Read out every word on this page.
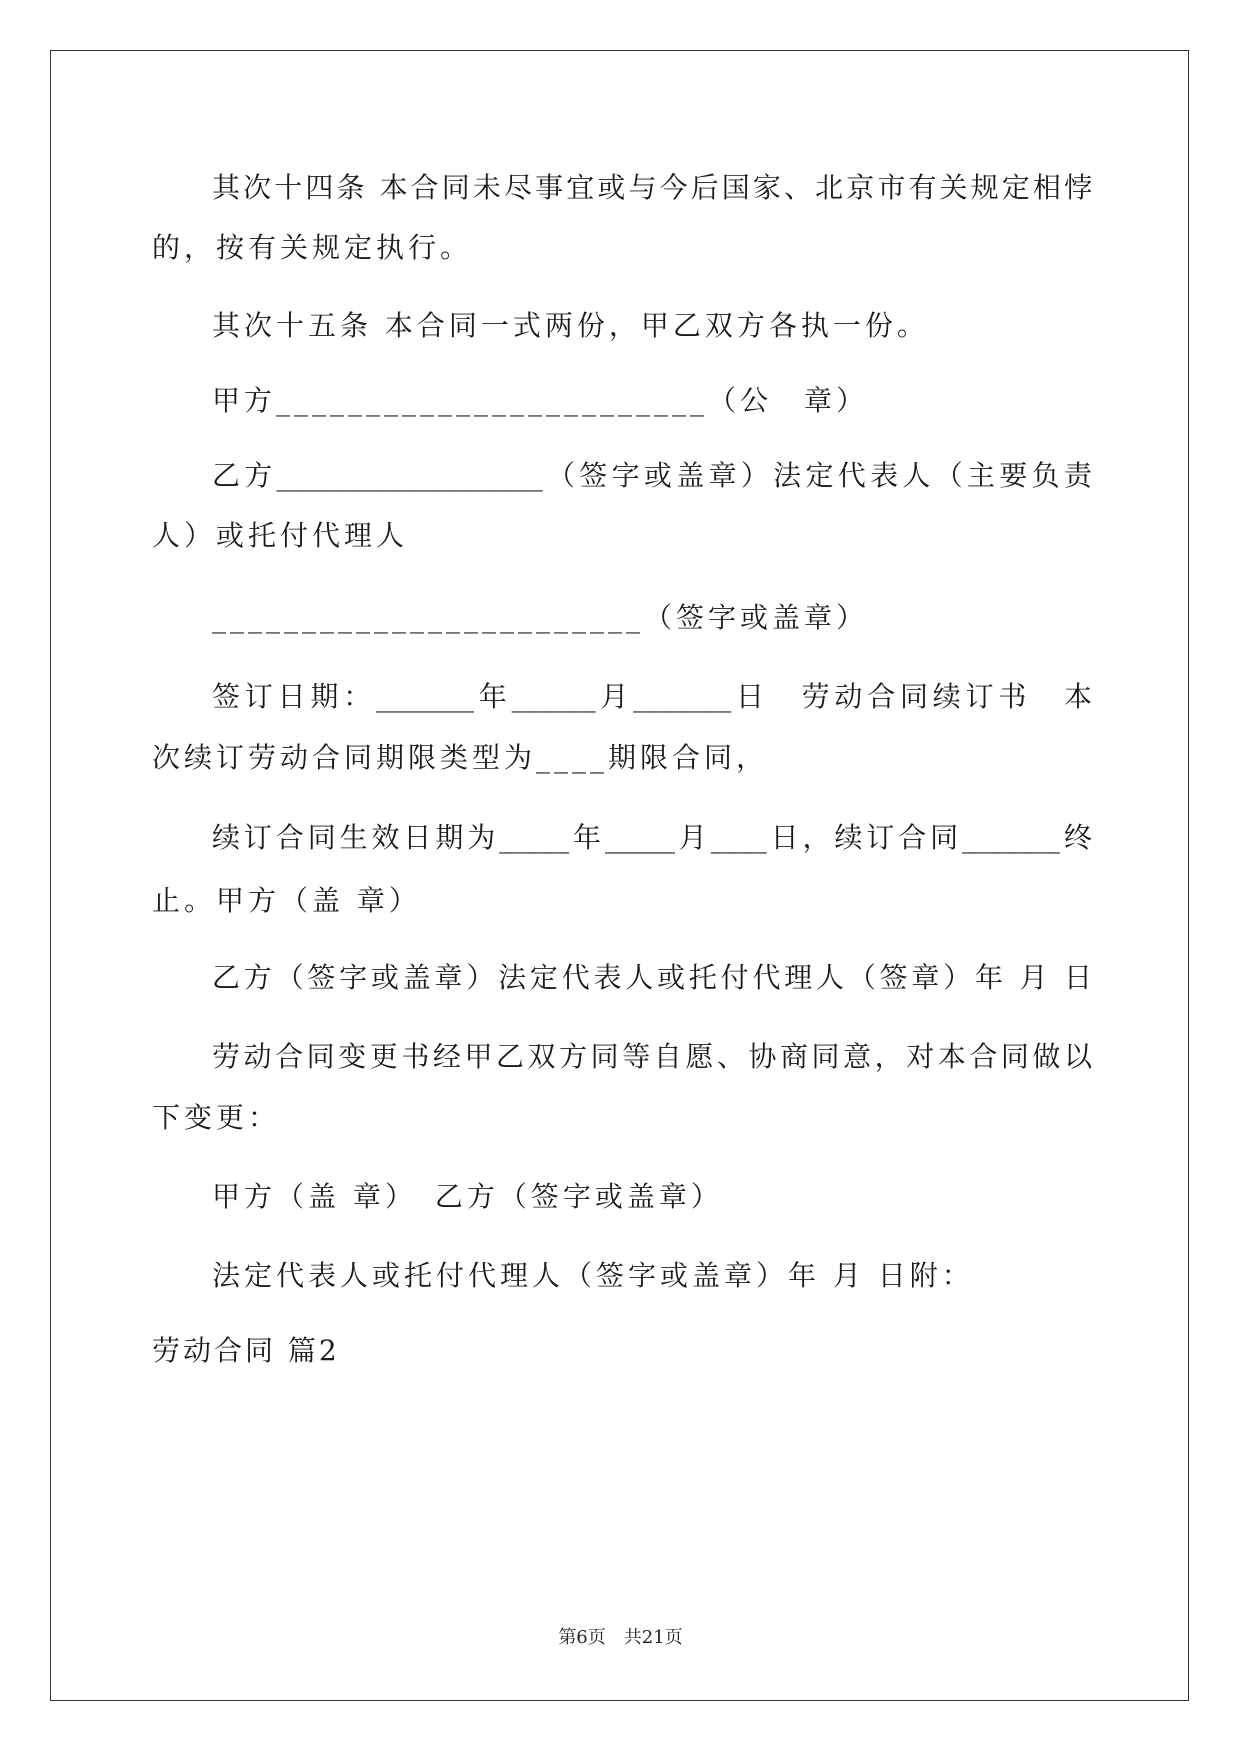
其次十四条 本合同未尽事宜或与今后国家、北京市有关规定相悖
的，按有关规定执行。
其次十五条 本合同一式两份，甲乙双方各执一份。
甲方________________________（公　章）
乙方___________________（签字或盖章）法定代表人（主要负责
人）或托付代理人
________________________（签字或盖章）
签订日期：_______年______月_______日　劳动合同续订书　本
次续订劳动合同期限类型为____期限合同，
续订合同生效日期为_____年_____月____日，续订合同_______终
止。甲方（盖 章）
乙方（签字或盖章）法定代表人或托付代理人（签章）年 月 日
劳动合同变更书经甲乙双方同等自愿、协商同意，对本合同做以
下变更：
甲方（盖 章）　乙方（签字或盖章）
法定代表人或托付代理人（签字或盖章）年 月 日附：
劳动合同 篇2
第6页　共21页
